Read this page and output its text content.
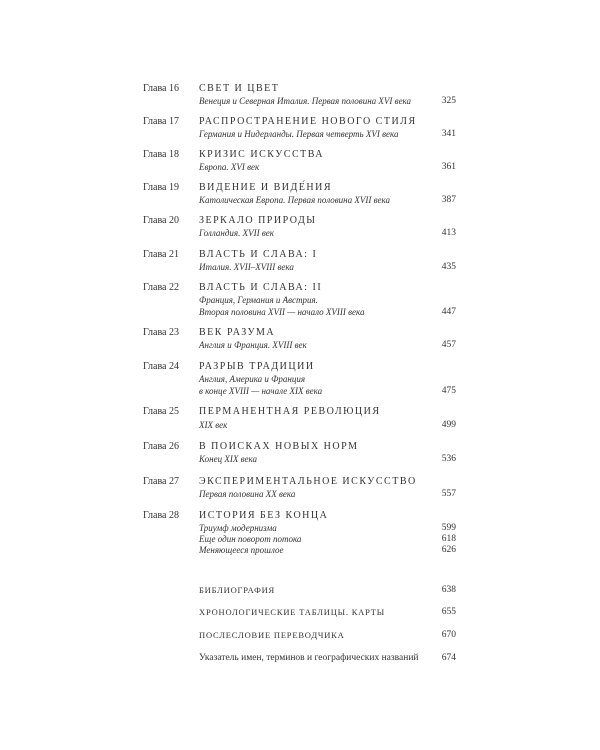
Глава 16	СВЕТ И ЦВЕТ
Венеция и Северная Италия. Первая половина XVI века	325
Глава 17	РАСПРОСТРАНЕНИЕ НОВОГО СТИЛЯ
Германия и Нидерланды. Первая четверть XVI века	341
Глава 18	КРИЗИС ИСКУССТВА
Европа. XVI век	361
Глава 19	ВИДЕНИЕ И ВИДЕ́НИЯ
Католическая Европа. Первая половина XVII века	387
Глава 20	ЗЕРКАЛО ПРИРОДЫ
Голландия. XVII век	413
Глава 21	ВЛАСТЬ И СЛАВА: I
Италия. XVII–XVIII века	435
Глава 22	ВЛАСТЬ И СЛАВА: II
Франция, Германия и Австрия.
Вторая половина XVII — начало XVIII века	447
Глава 23	ВЕК РАЗУМА
Англия и Франция. XVIII век	457
Глава 24	РАЗРЫВ ТРАДИЦИИ
Англия, Америка и Франция
в конце XVIII — начале XIX века	475
Глава 25	ПЕРМАНЕНТНАЯ РЕВОЛЮЦИЯ
XIX век	499
Глава 26	В ПОИСКАХ НОВЫХ НОРМ
Конец XIX века	536
Глава 27	ЭКСПЕРИМЕНТАЛЬНОЕ ИСКУССТВО
Первая половина XX века	557
Глава 28	ИСТОРИЯ БЕЗ КОНЦА
Триумф модернизма	599
Еще один поворот потока	618
Меняющееся прошлое	626
БИБЛИОГРАФИЯ	638
ХРОНОЛОГИЧЕСКИЕ ТАБЛИЦЫ. КАРТЫ	655
ПОСЛЕСЛОВИЕ ПЕРЕВОДЧИКА	670
Указатель имен, терминов и географических названий	674
